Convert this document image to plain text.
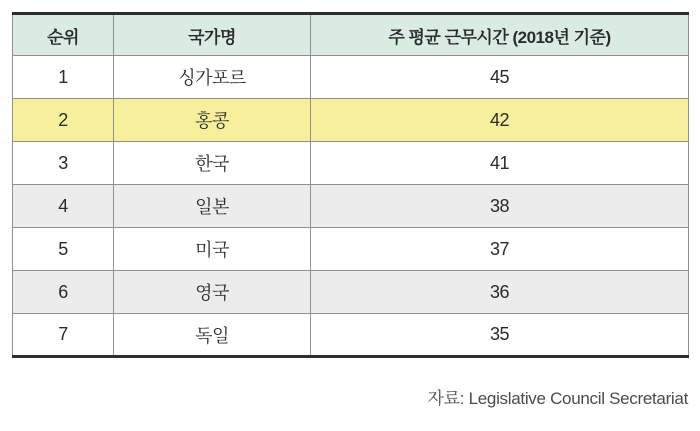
순위	국가명	주 평균 근무시간 (2018년 기준)
1	싱가포르	45
2	홍콩	42
3	한국	41
4	일본	38
5	미국	37
6	영국	36
7	독일	35
자료: Legislative Council Secretariat
